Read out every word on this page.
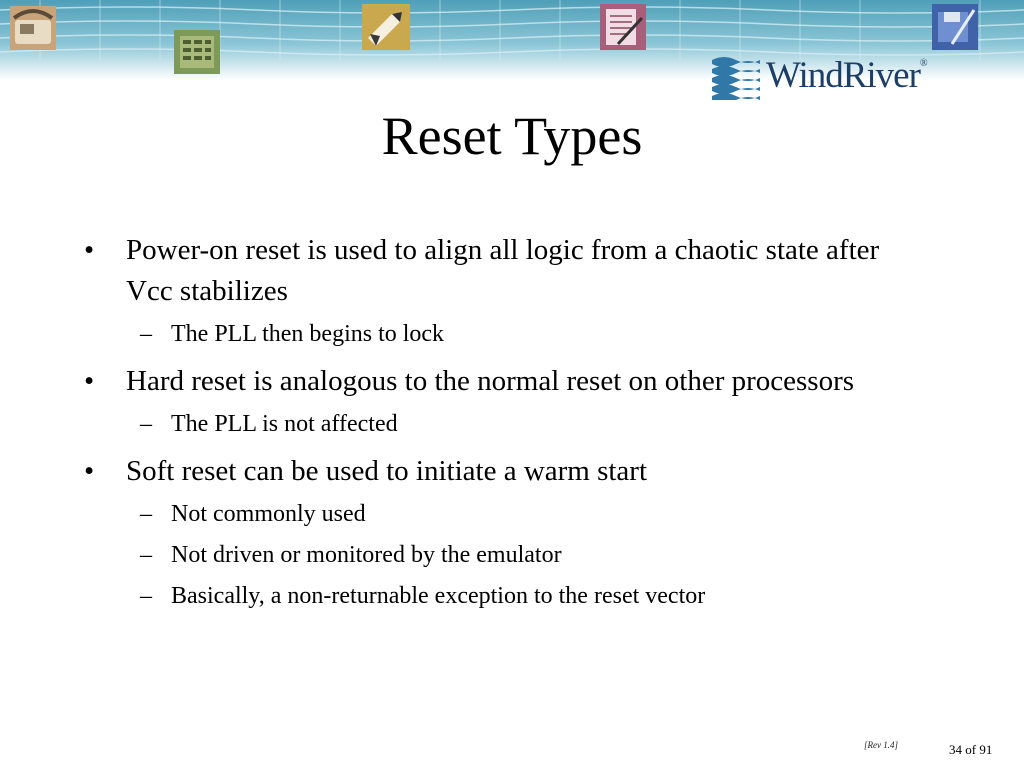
WindRiver®
Reset Types
• Power-on reset is used to align all logic from a chaotic state after Vcc stabilizes
– The PLL then begins to lock
• Hard reset is analogous to the normal reset on other processors
– The PLL is not affected
• Soft reset can be used to initiate a warm start
– Not commonly used
– Not driven or monitored by the emulator
– Basically, a non-returnable exception to the reset vector
[Rev 1.4]	34 of 91
